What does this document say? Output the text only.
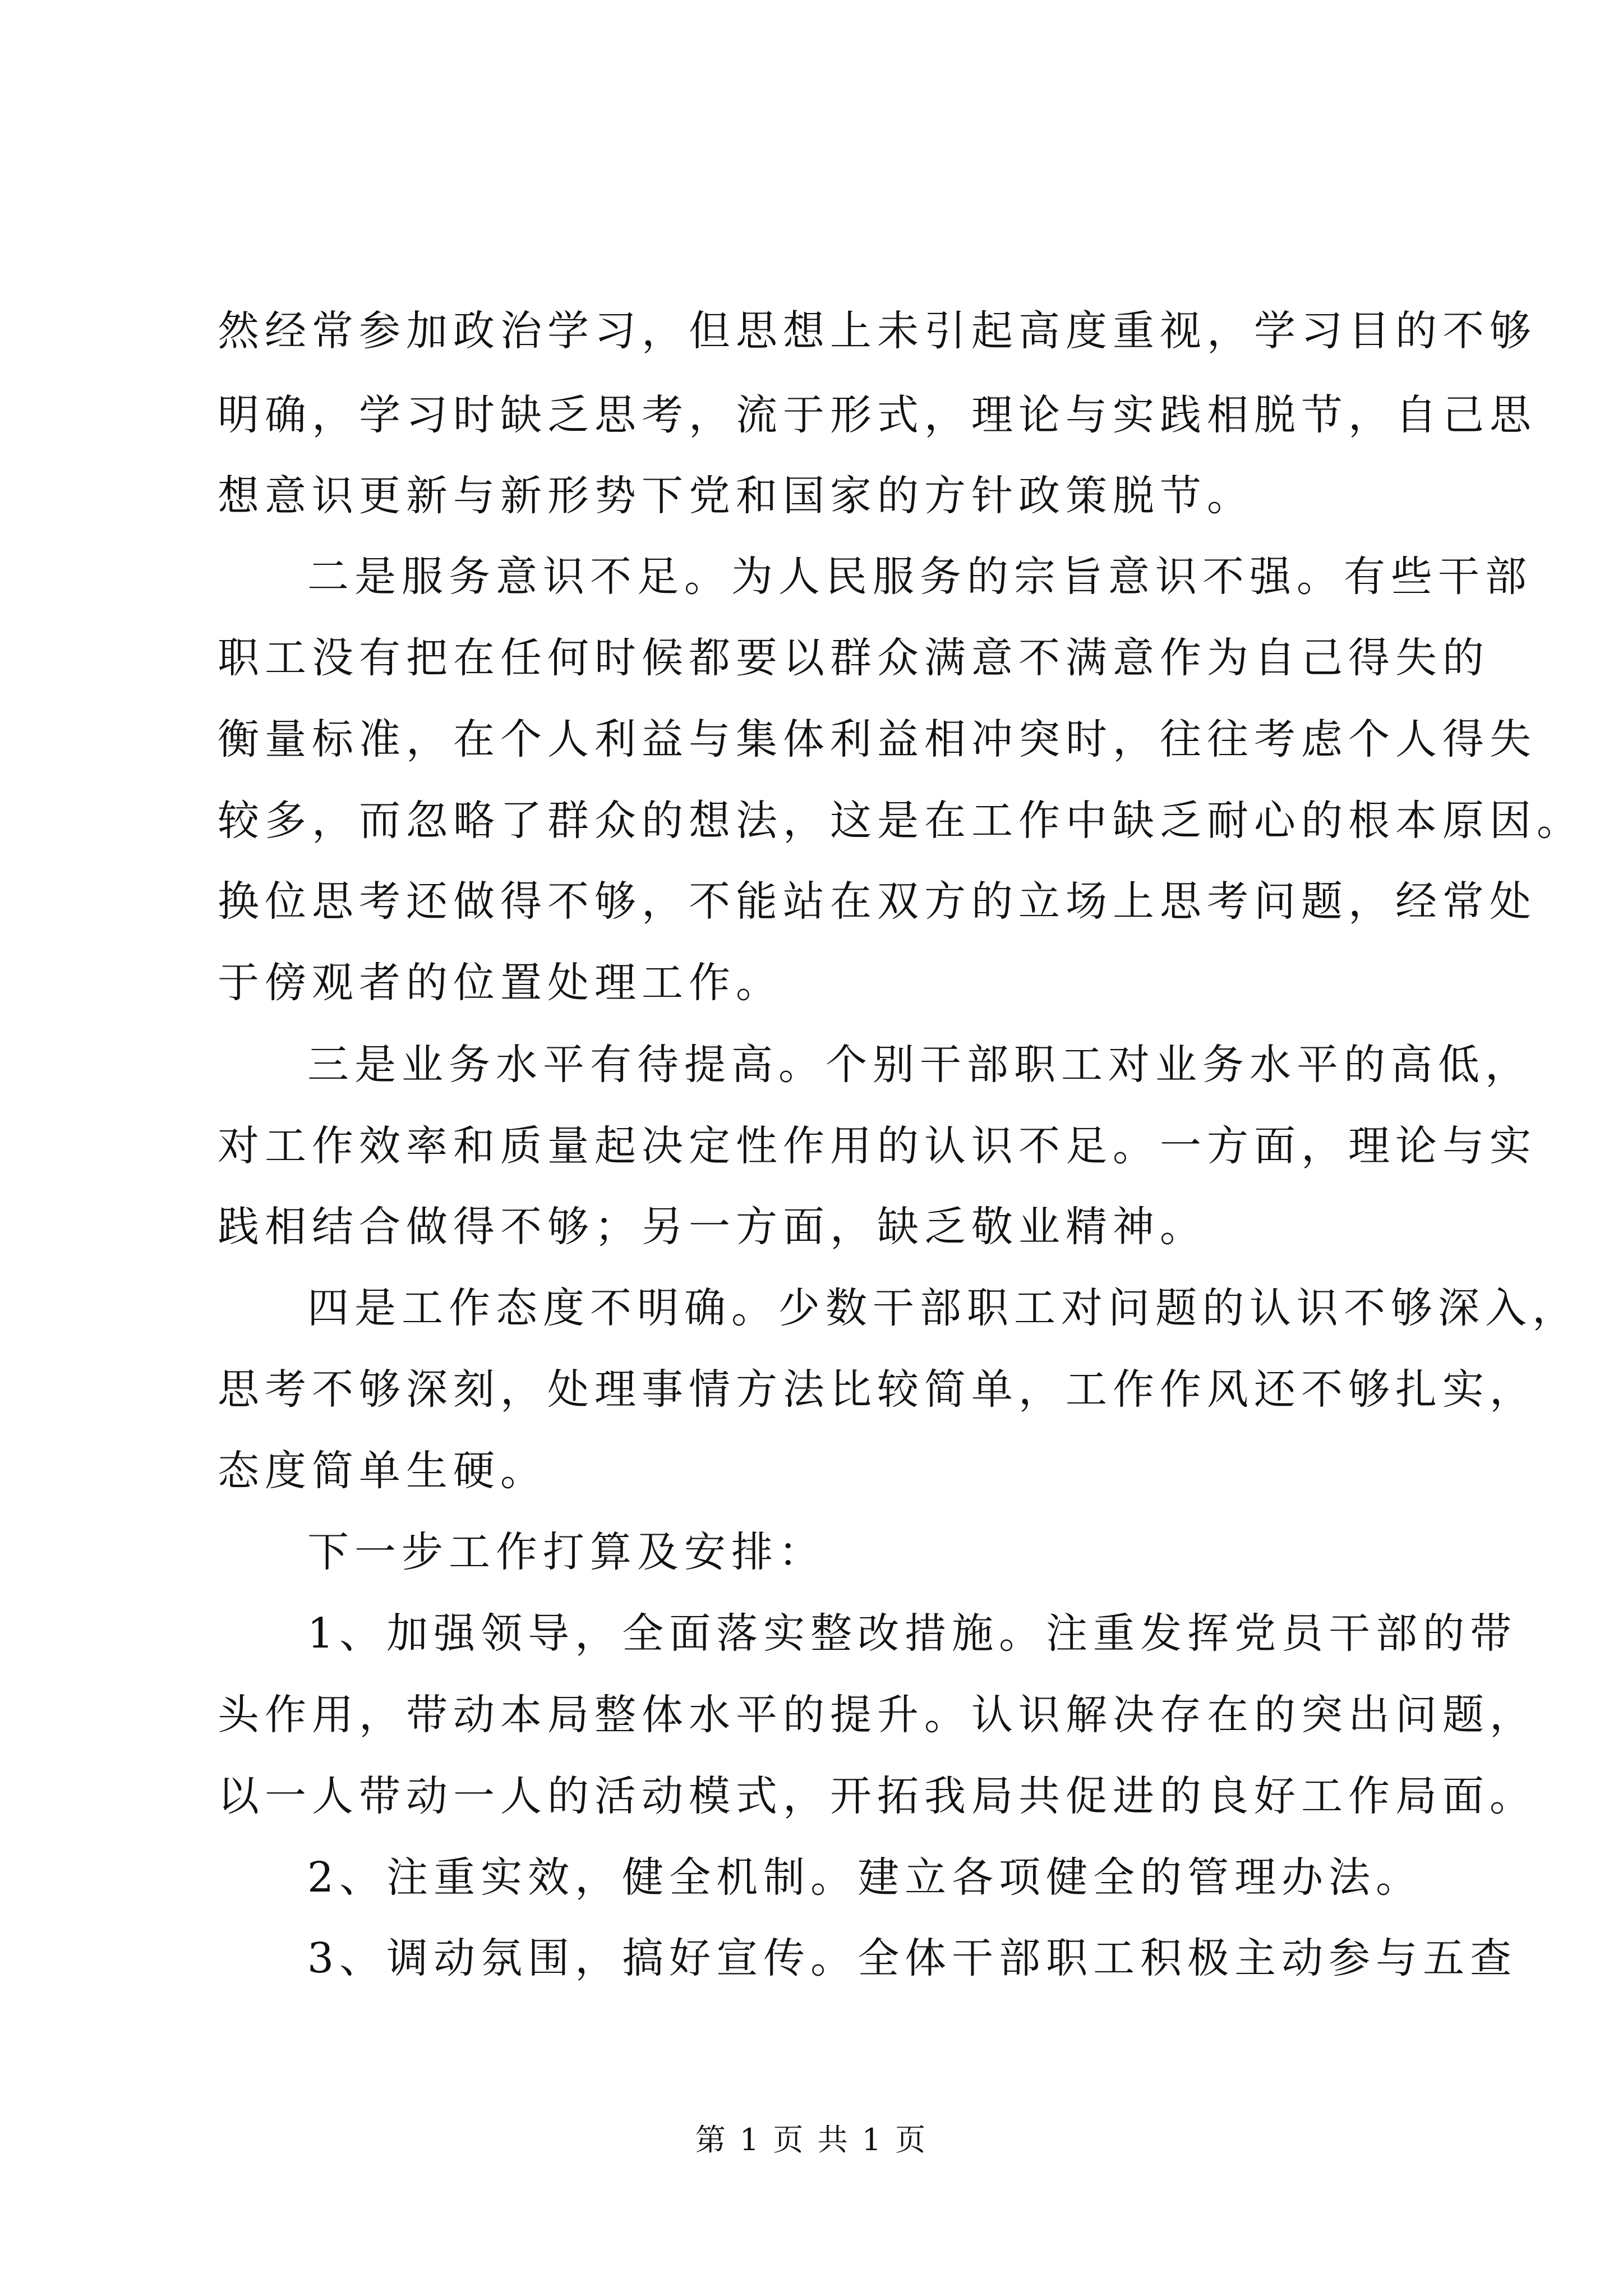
然经常参加政治学习，但思想上未引起高度重视，学习目的不够
明确，学习时缺乏思考，流于形式，理论与实践相脱节，自己思
想意识更新与新形势下党和国家的方针政策脱节。
二是服务意识不足。为人民服务的宗旨意识不强。有些干部
职工没有把在任何时候都要以群众满意不满意作为自己得失的
衡量标准，在个人利益与集体利益相冲突时，往往考虑个人得失
较多，而忽略了群众的想法，这是在工作中缺乏耐心的根本原因。
换位思考还做得不够，不能站在双方的立场上思考问题，经常处
于傍观者的位置处理工作。
三是业务水平有待提高。个别干部职工对业务水平的高低，
对工作效率和质量起决定性作用的认识不足。一方面，理论与实
践相结合做得不够；另一方面，缺乏敬业精神。
四是工作态度不明确。少数干部职工对问题的认识不够深入，
思考不够深刻，处理事情方法比较简单，工作作风还不够扎实，
态度简单生硬。
下一步工作打算及安排：
1、加强领导，全面落实整改措施。注重发挥党员干部的带
头作用，带动本局整体水平的提升。认识解决存在的突出问题，
以一人带动一人的活动模式，开拓我局共促进的良好工作局面。
2、注重实效，健全机制。建立各项健全的管理办法。
3、调动氛围，搞好宣传。全体干部职工积极主动参与五查
第 1 页 共 1 页
